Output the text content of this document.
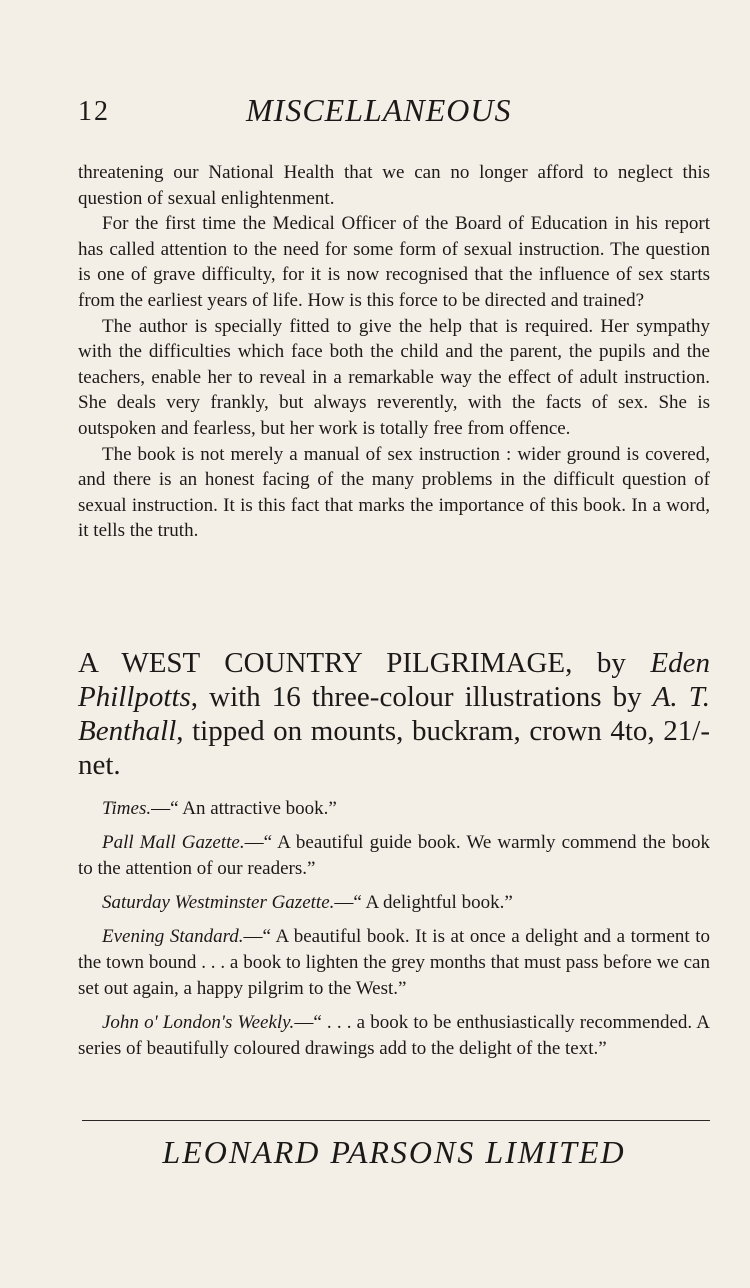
12	MISCELLANEOUS

threatening our National Health that we can no longer afford to neglect this question of sexual enlightenment.

For the first time the Medical Officer of the Board of Education in his report has called attention to the need for some form of sexual instruction. The question is one of grave difficulty, for it is now recognised that the influence of sex starts from the earliest years of life. How is this force to be directed and trained?

The author is specially fitted to give the help that is required. Her sympathy with the difficulties which face both the child and the parent, the pupils and the teachers, enable her to reveal in a remarkable way the effect of adult instruction. She deals very frankly, but always reverently, with the facts of sex. She is outspoken and fearless, but her work is totally free from offence.

The book is not merely a manual of sex instruction : wider ground is covered, and there is an honest facing of the many problems in the difficult question of sexual instruction. It is this fact that marks the importance of this book. In a word, it tells the truth.

A WEST COUNTRY PILGRIMAGE, by Eden Phillpotts, with 16 three-colour illustrations by A. T. Benthall, tipped on mounts, buckram, crown 4to, 21/- net.

Times.—“ An attractive book.”

Pall Mall Gazette.—“ A beautiful guide book. We warmly commend the book to the attention of our readers.”

Saturday Westminster Gazette.—“ A delightful book.”

Evening Standard.—“ A beautiful book. It is at once a delight and a torment to the town bound . . . a book to lighten the grey months that must pass before we can set out again, a happy pilgrim to the West.”

John o' London's Weekly.—“ . . . a book to be enthusiastically recommended. A series of beautifully coloured drawings add to the delight of the text.”

LEONARD PARSONS LIMITED
